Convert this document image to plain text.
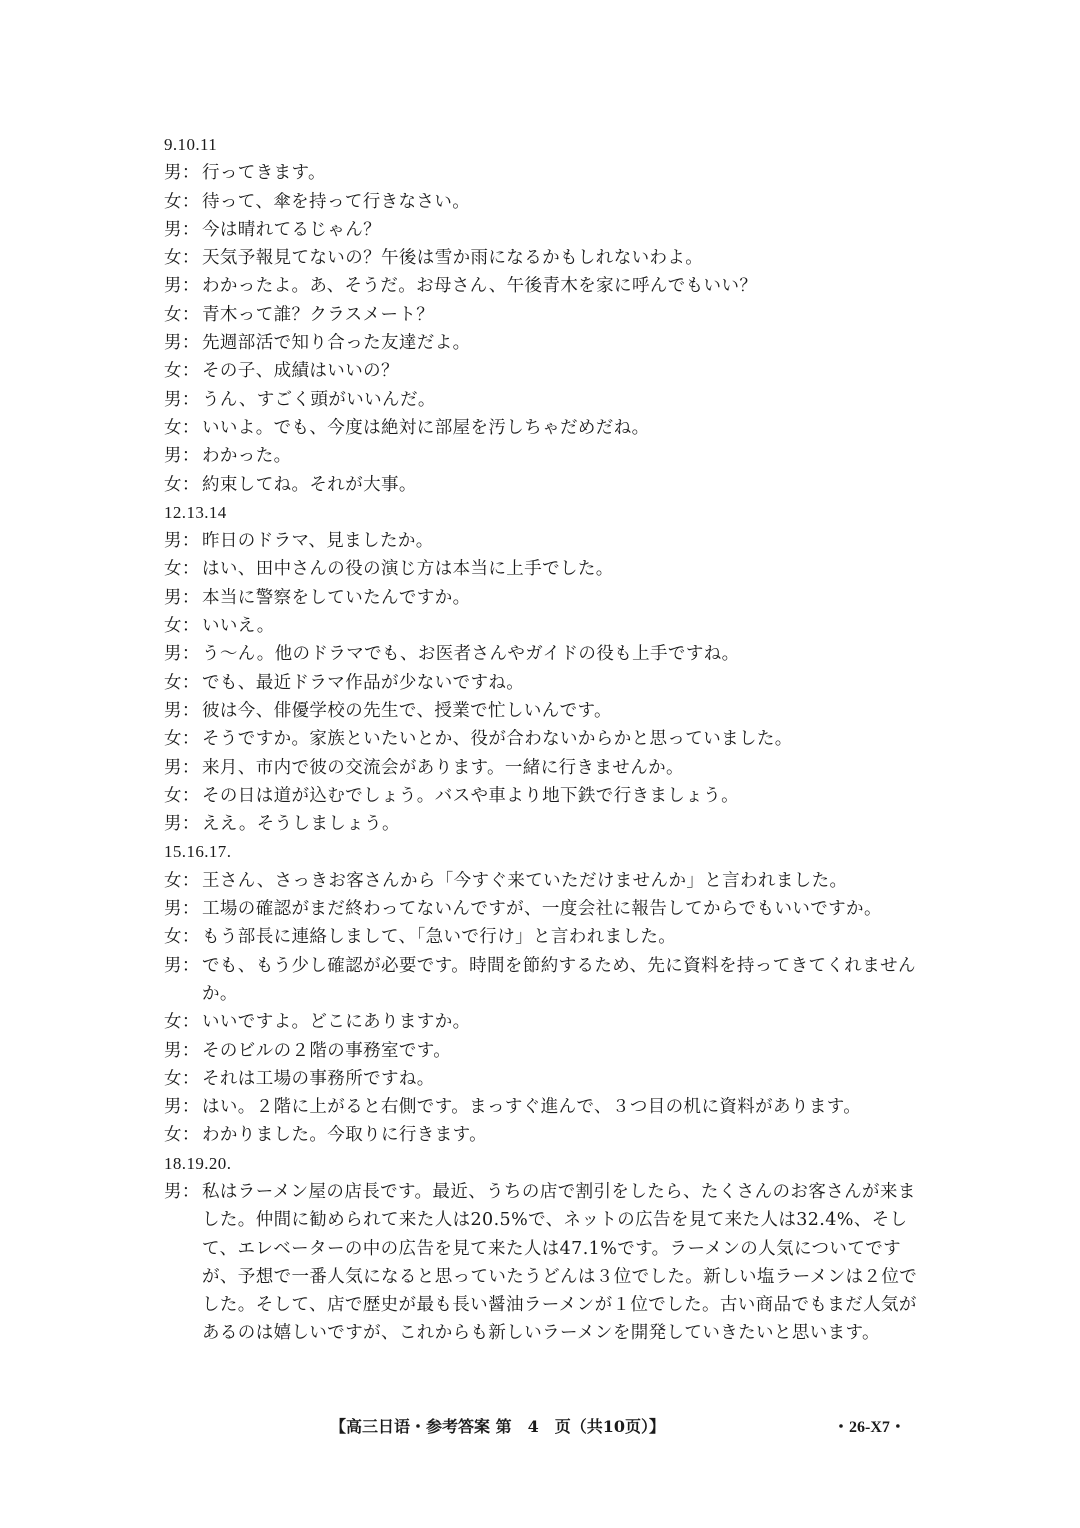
9.10.11
男： 行ってきます。
女： 待って、傘を持って行きなさい。
男： 今は晴れてるじゃん？
女： 天気予報見てないの？午後は雪か雨になるかもしれないわよ。
男： わかったよ。あ、そうだ。お母さん、午後青木を家に呼んでもいい？
女： 青木って誰？クラスメート？
男： 先週部活で知り合った友達だよ。
女： その子、成績はいいの？
男： うん、すごく頭がいいんだ。
女： いいよ。でも、今度は絶対に部屋を汚しちゃだめだね。
男： わかった。
女： 約束してね。それが大事。
12.13.14
男： 昨日のドラマ、見ましたか。
女： はい、田中さんの役の演じ方は本当に上手でした。
男： 本当に警察をしていたんですか。
女： いいえ。
男： う～ん。他のドラマでも、お医者さんやガイドの役も上手ですね。
女： でも、最近ドラマ作品が少ないですね。
男： 彼は今、俳優学校の先生で、授業で忙しいんです。
女： そうですか。家族といたいとか、役が合わないからかと思っていました。
男： 来月、市内で彼の交流会があります。一緒に行きませんか。
女： その日は道が込むでしょう。バスや車より地下鉄で行きましょう。
男： ええ。そうしましょう。
15.16.17.
女： 王さん、さっきお客さんから「今すぐ来ていただけませんか」と言われました。
男： 工場の確認がまだ終わってないんですが、一度会社に報告してからでもいいですか。
女： もう部長に連絡しまして、「急いで行け」と言われました。
男： でも、もう少し確認が必要です。時間を節約するため、先に資料を持ってきてくれませんか。
女： いいですよ。どこにありますか。
男： そのビルの２階の事務室です。
女： それは工場の事務所ですね。
男： はい。２階に上がると右側です。まっすぐ進んで、３つ目の机に資料があります。
女： わかりました。今取りに行きます。
18.19.20.
男： 私はラーメン屋の店長です。最近、うちの店で割引をしたら、たくさんのお客さんが来ました。仲間に勧められて来た人は20.5%で、ネットの広告を見て来た人は32.4%、そして、エレベーターの中の広告を見て来た人は47.1%です。ラーメンの人気についてですが、予想で一番人気になると思っていたうどんは３位でした。新しい塩ラーメンは２位でした。そして、店で歴史が最も長い醤油ラーメンが１位でした。古い商品でもまだ人気があるのは嬉しいですが、これからも新しいラーメンを開発していきたいと思います。
【高三日语・参考答案 第　4　页（共10页）】	・26-X7・
